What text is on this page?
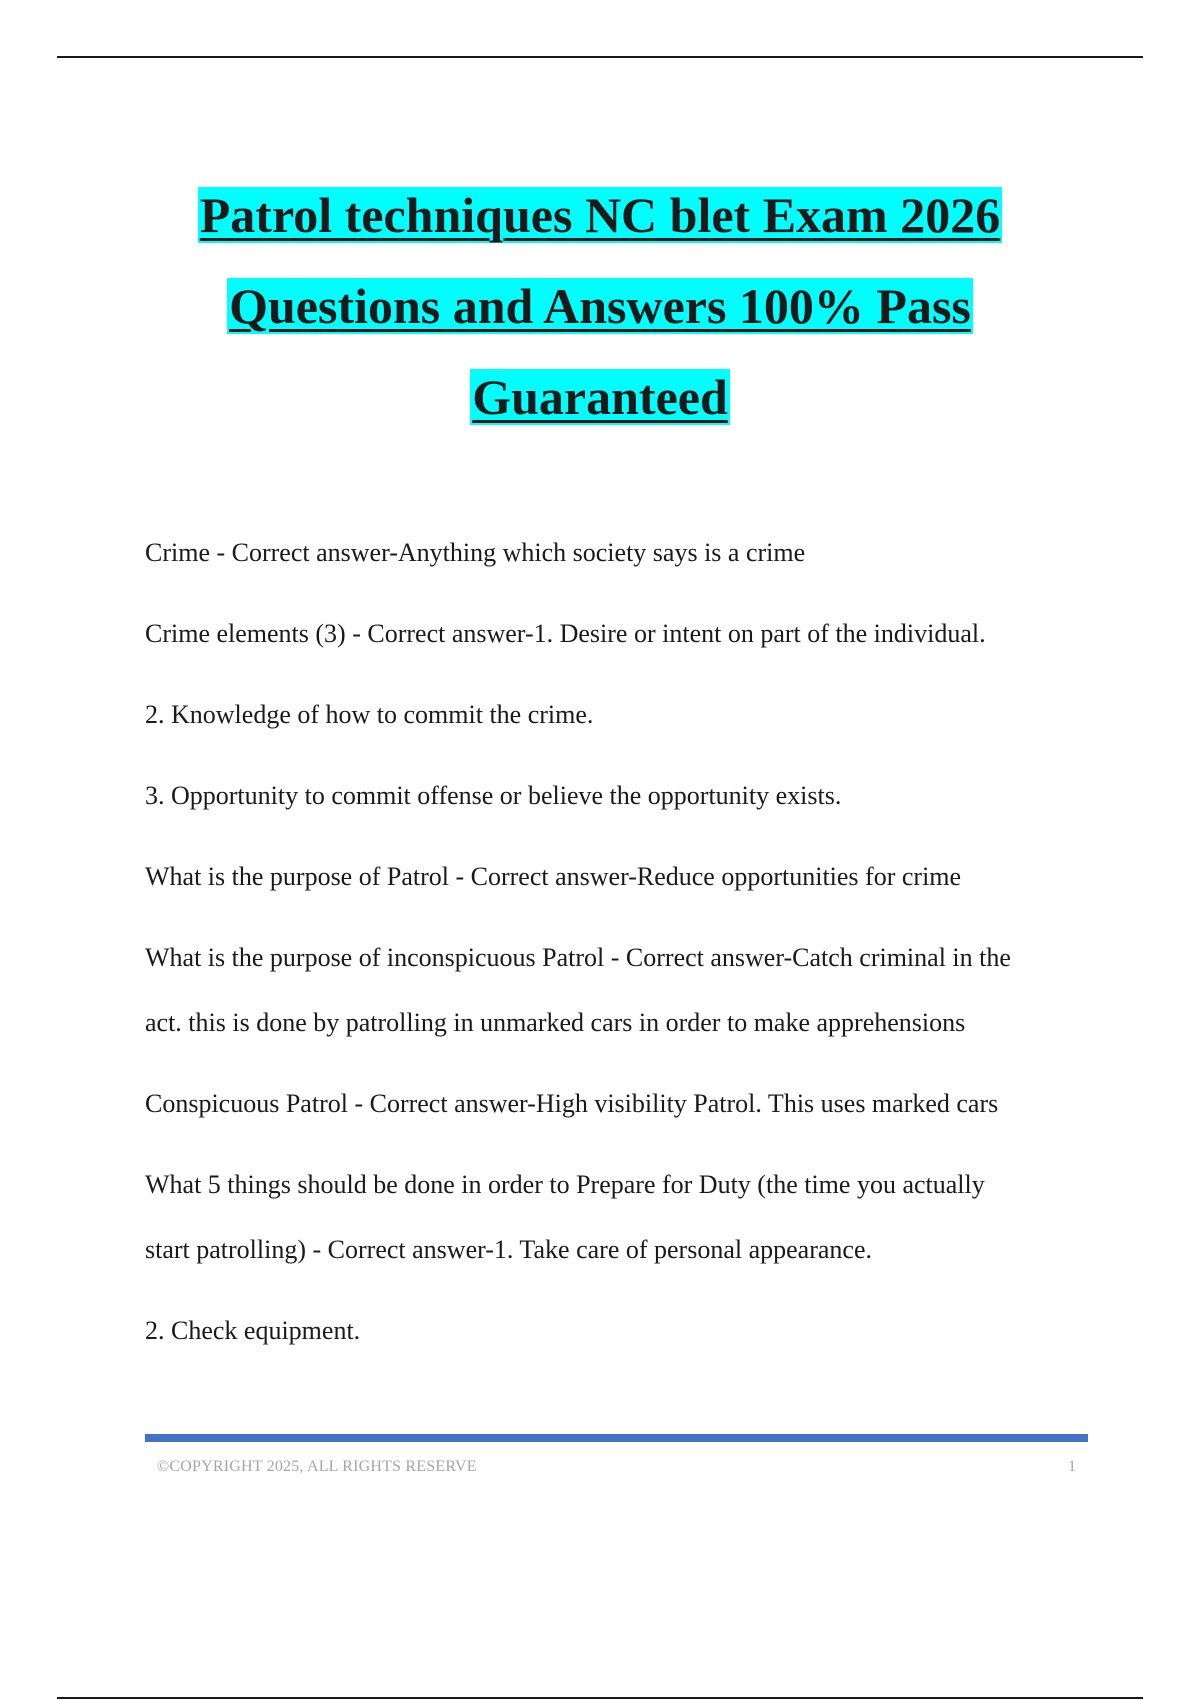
Patrol techniques NC blet Exam 2026
Questions and Answers 100% Pass
Guaranteed

Crime - Correct answer-Anything which society says is a crime

Crime elements (3) - Correct answer-1. Desire or intent on part of the individual.

2. Knowledge of how to commit the crime.

3. Opportunity to commit offense or believe the opportunity exists.

What is the purpose of Patrol - Correct answer-Reduce opportunities for crime

What is the purpose of inconspicuous Patrol - Correct answer-Catch criminal in the
act. this is done by patrolling in unmarked cars in order to make apprehensions

Conspicuous Patrol - Correct answer-High visibility Patrol. This uses marked cars

What 5 things should be done in order to Prepare for Duty (the time you actually
start patrolling) - Correct answer-1. Take care of personal appearance.

2. Check equipment.

©COPYRIGHT 2025, ALL RIGHTS RESERVE	1
